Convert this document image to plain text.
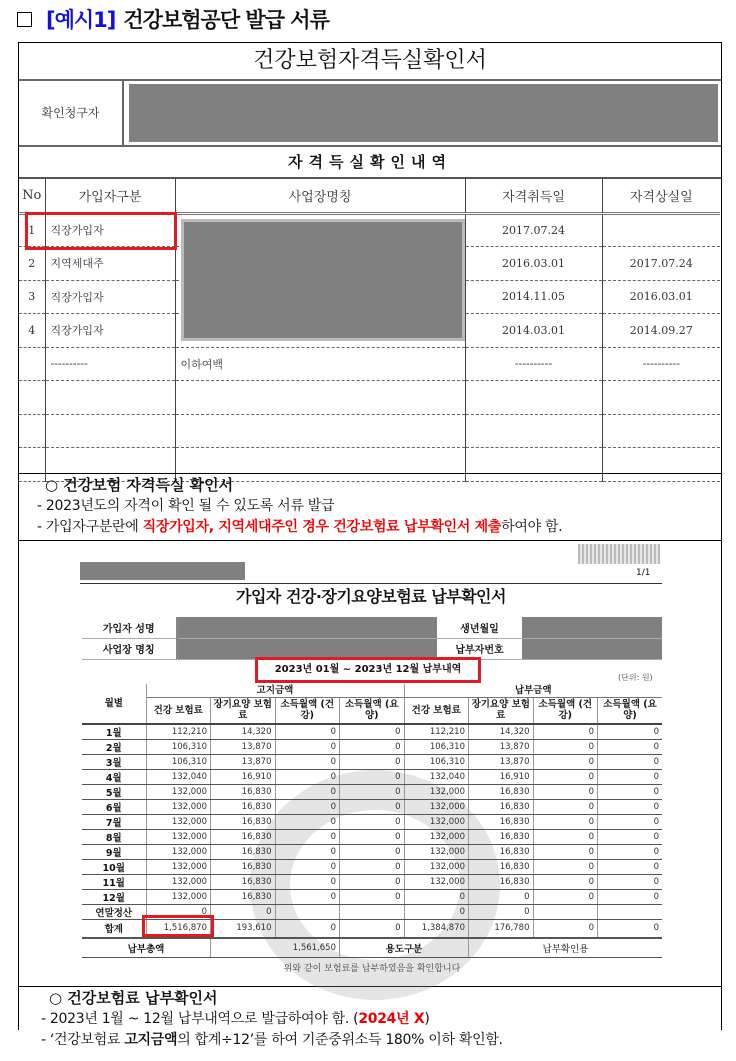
[예시1] 건강보험공단 발급 서류
건강보험자격득실확인서
확인청구자
자격득실확인내역
No	가입자구분	사업장명칭	자격취득일	자격상실일
1	직장가입자		2017.07.24	
2	지역세대주		2016.03.01	2017.07.24
3	직장가입자		2014.11.05	2016.03.01
4	직장가입자		2014.03.01	2014.09.27
	----------	이하여백	----------	----------

○ 건강보험 자격득실 확인서
- 2023년도의 자격이 확인 될 수 있도록 서류 발급
- 가입자구분란에 직장가입자, 지역세대주인 경우 건강보험료 납부확인서 제출하여야 함.
○ 건강보험료 납부확인서
- 2023년 1월 ~ 12월 납부내역으로 발급하여야 함. (2024년 X)
- ‘건강보험료 고지금액의 합계÷12’를 하여 기준중위소득 180% 이하 확인함.
1/1
가입자 건강·장기요양보험료 납부확인서
가입자 성명		생년월일	
사업장 명칭		납부자번호	
2023년 01월 ~ 2023년 12월 납부내역
(단위: 원)
월별	고지금액				납부금액			
	건강 보험료	장기요양 보험료	소득월액 (건강)	소득월액 (요양)	건강 보험료	장기요양 보험료	소득월액 (건강)	소득월액 (요양)
1월	112,210	14,320	0	0	112,210	14,320	0	0
2월	106,310	13,870	0	0	106,310	13,870	0	0
3월	106,310	13,870	0	0	106,310	13,870	0	0
4월	132,040	16,910	0	0	132,040	16,910	0	0
5월	132,000	16,830	0	0	132,000	16,830	0	0
6월	132,000	16,830	0	0	132,000	16,830	0	0
7월	132,000	16,830	0	0	132,000	16,830	0	0
8월	132,000	16,830	0	0	132,000	16,830	0	0
9월	132,000	16,830	0	0	132,000	16,830	0	0
10월	132,000	16,830	0	0	132,000	16,830	0	0
11월	132,000	16,830	0	0	132,000	16,830	0	0
12월	132,000	16,830	0	0	0	0	0	0
연말정산	0	0			0	0		
합계	1,516,870	193,610	0	0	1,384,870	176,780	0	0
납부총액		1,561,650		용도구분		납부확인용		
위와 같이 보험료를 납부하였음을 확인합니다
